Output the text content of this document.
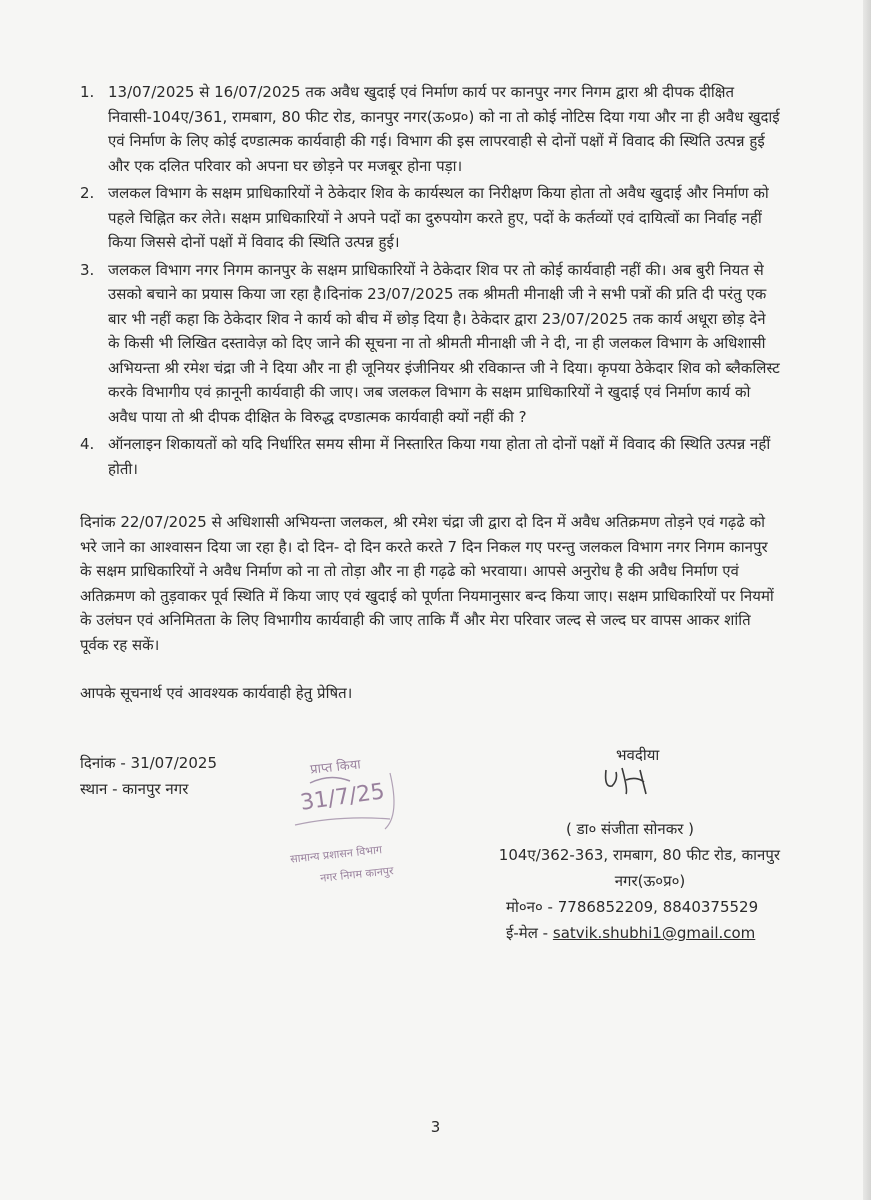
1. 13/07/2025 से 16/07/2025 तक अवैध खुदाई एवं निर्माण कार्य पर कानपुर नगर निगम द्वारा श्री दीपक दीक्षित निवासी-104ए/361, रामबाग, 80 फीट रोड, कानपुर नगर(ऊ०प्र०) को ना तो कोई नोटिस दिया गया और ना ही अवैध खुदाई एवं निर्माण के लिए कोई दण्डात्मक कार्यवाही की गई। विभाग की इस लापरवाही से दोनों पक्षों में विवाद की स्थिति उत्पन्न हुई और एक दलित परिवार को अपना घर छोड़ने पर मजबूर होना पड़ा।
2. जलकल विभाग के सक्षम प्राधिकारियों ने ठेकेदार शिव के कार्यस्थल का निरीक्षण किया होता तो अवैध खुदाई और निर्माण को पहले चिह्नित कर लेते। सक्षम प्राधिकारियों ने अपने पदों का दुरुपयोग करते हुए, पदों के कर्तव्यों एवं दायित्वों का निर्वाह नहीं किया जिससे दोनों पक्षों में विवाद की स्थिति उत्पन्न हुई।
3. जलकल विभाग नगर निगम कानपुर के सक्षम प्राधिकारियों ने ठेकेदार शिव पर तो कोई कार्यवाही नहीं की। अब बुरी नियत से उसको बचाने का प्रयास किया जा रहा है।दिनांक 23/07/2025 तक श्रीमती मीनाक्षी जी ने सभी पत्रों की प्रति दी परंतु एक बार भी नहीं कहा कि ठेकेदार शिव ने कार्य को बीच में छोड़ दिया है। ठेकेदार द्वारा 23/07/2025 तक कार्य अधूरा छोड़ देने के किसी भी लिखित दस्तावेज़ को दिए जाने की सूचना ना तो श्रीमती मीनाक्षी जी ने दी, ना ही जलकल विभाग के अधिशासी अभियन्ता श्री रमेश चंद्रा जी ने दिया और ना ही जूनियर इंजीनियर श्री रविकान्त जी ने दिया। कृपया ठेकेदार शिव को ब्लैकलिस्ट करके विभागीय एवं क़ानूनी कार्यवाही की जाए। जब जलकल विभाग के सक्षम प्राधिकारियों ने खुदाई एवं निर्माण कार्य को अवैध पाया तो श्री दीपक दीक्षित के विरुद्ध दण्डात्मक कार्यवाही क्यों नहीं की ?
4. ऑनलाइन शिकायतों को यदि निर्धारित समय सीमा में निस्तारित किया गया होता तो दोनों पक्षों में विवाद की स्थिति उत्पन्न नहीं होती।

दिनांक 22/07/2025 से अधिशासी अभियन्ता जलकल, श्री रमेश चंद्रा जी द्वारा दो दिन में अवैध अतिक्रमण तोड़ने एवं गढ़ढे को भरे जाने का आश्वासन दिया जा रहा है। दो दिन- दो दिन करते करते 7 दिन निकल गए परन्तु जलकल विभाग नगर निगम कानपुर के सक्षम प्राधिकारियों ने अवैध निर्माण को ना तो तोड़ा और ना ही गढ़ढे को भरवाया। आपसे अनुरोध है की अवैध निर्माण एवं अतिक्रमण को तुड़वाकर पूर्व स्थिति में किया जाए एवं खुदाई को पूर्णता नियमानुसार बन्द किया जाए। सक्षम प्राधिकारियों पर नियमों के उलंघन एवं अनिमितता के लिए विभागीय कार्यवाही की जाए ताकि मैं और मेरा परिवार जल्द से जल्द घर वापस आकर शांति पूर्वक रह सकें।

आपके सूचनार्थ एवं आवश्यक कार्यवाही हेतु प्रेषित।

दिनांक - 31/07/2025
स्थान - कानपुर नगर
प्राप्त किया
31/7/25
सामान्य प्रशासन विभाग
नगर निगम कानपुर
भवदीया
( डा० संजीता सोनकर )
104ए/362-363, रामबाग, 80 फीट रोड, कानपुर
नगर(ऊ०प्र०)
मो०न० - 7786852209, 8840375529
ई-मेल - satvik.shubhi1@gmail.com
3
